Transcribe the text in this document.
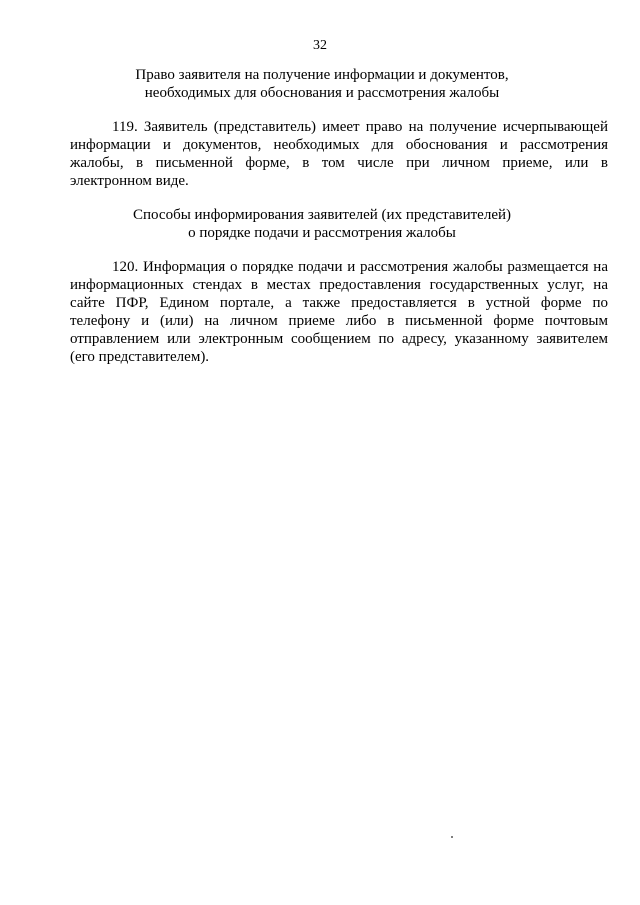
32
Право заявителя на получение информации и документов,
необходимых для обоснования и рассмотрения жалобы
119. Заявитель (представитель) имеет право на получение исчерпывающей
информации и документов, необходимых для обоснования и рассмотрения
жалобы, в письменной форме, в том числе при личном приеме, или в
электронном виде.
Способы информирования заявителей (их представителей)
о порядке подачи и рассмотрения жалобы
120. Информация о порядке подачи и рассмотрения жалобы размещается на
информационных стендах в местах предоставления государственных услуг, на
сайте ПФР, Едином портале, а также предоставляется в устной форме по
телефону и (или) на личном приеме либо в письменной форме почтовым
отправлением или электронным сообщением по адресу, указанному заявителем
(его представителем).
